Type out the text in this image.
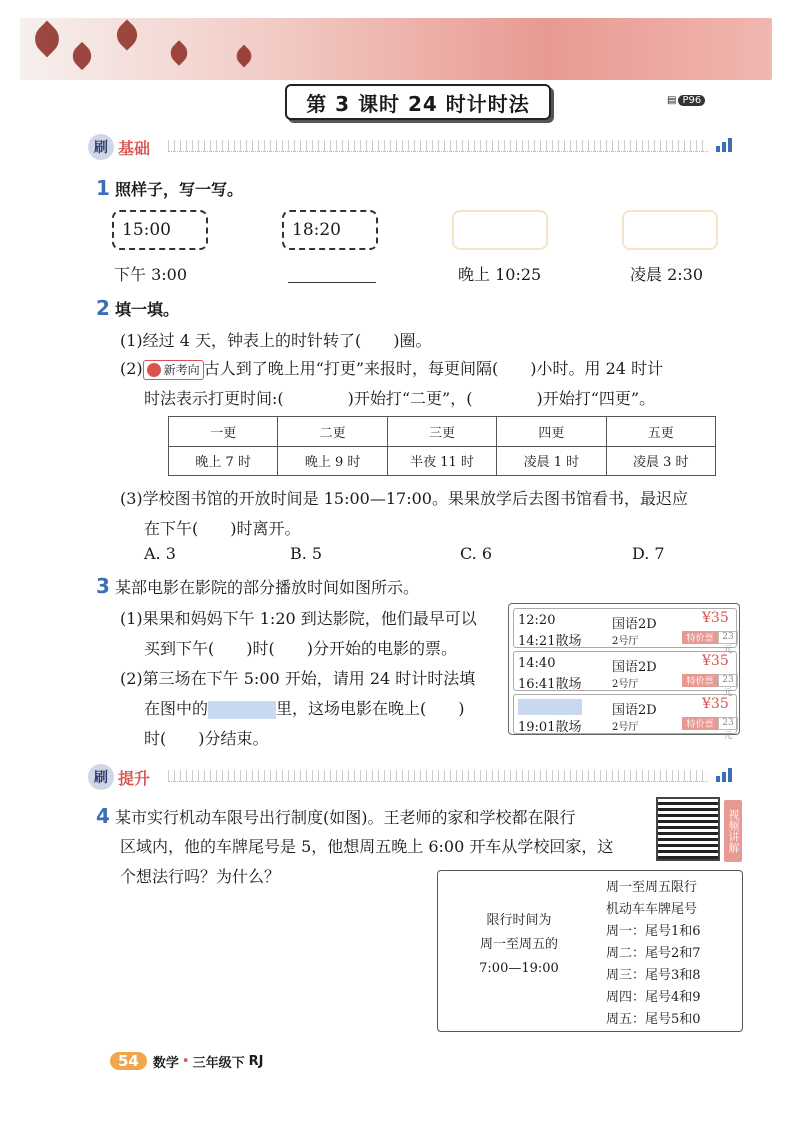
第 3 课时 24 时计时法	▤ P96
刷 基础
1 照样子，写一写。
15:00	18:20
下午 3:00	晚上 10:25	凌晨 2:30
2 填一填。
(1)经过 4 天，钟表上的时针转了(　　)圈。
(2) 新考向 古人到了晚上用“打更”来报时，每更间隔(　　)小时。用 24 时计
时法表示打更时间:(　　　　)开始打“二更”，(　　　　)开始打“四更”。
一更	二更	三更	四更	五更
晚上 7 时	晚上 9 时	半夜 11 时	凌晨 1 时	凌晨 3 时
(3)学校图书馆的开放时间是 15:00—17:00。果果放学后去图书馆看书，最迟应
在下午(　　)时离开。
A. 3	B. 5	C. 6	D. 7
3 某部电影在影院的部分播放时间如图所示。
(1)果果和妈妈下午 1:20 到达影院，他们最早可以
买到下午(　　)时(　　)分开始的电影的票。
(2)第三场在下午 5:00 开始，请用 24 时计时法填
在图中的	里，这场电影在晚上(　　)
时(　　)分结束。
12:20
14:21散场
国语2D
2号厅
¥35
特价票 23元
14:40
16:41散场
国语2D
2号厅
¥35
特价票 23元
19:01散场
国语2D
2号厅
¥35
特价票 23元
刷 提升
4 某市实行机动车限号出行制度(如图)。王老师的家和学校都在限行
区域内，他的车牌尾号是 5，他想周五晚上 6:00 开车从学校回家，这
个想法行吗？为什么？
视频讲解
限行时间为
周一至周五的
7:00—19:00
周一至周五限行
机动车车牌尾号
周一：尾号1和6
周二：尾号2和7
周三：尾号3和8
周四：尾号4和9
周五：尾号5和0
54	数学 • 三年级下 RJ
